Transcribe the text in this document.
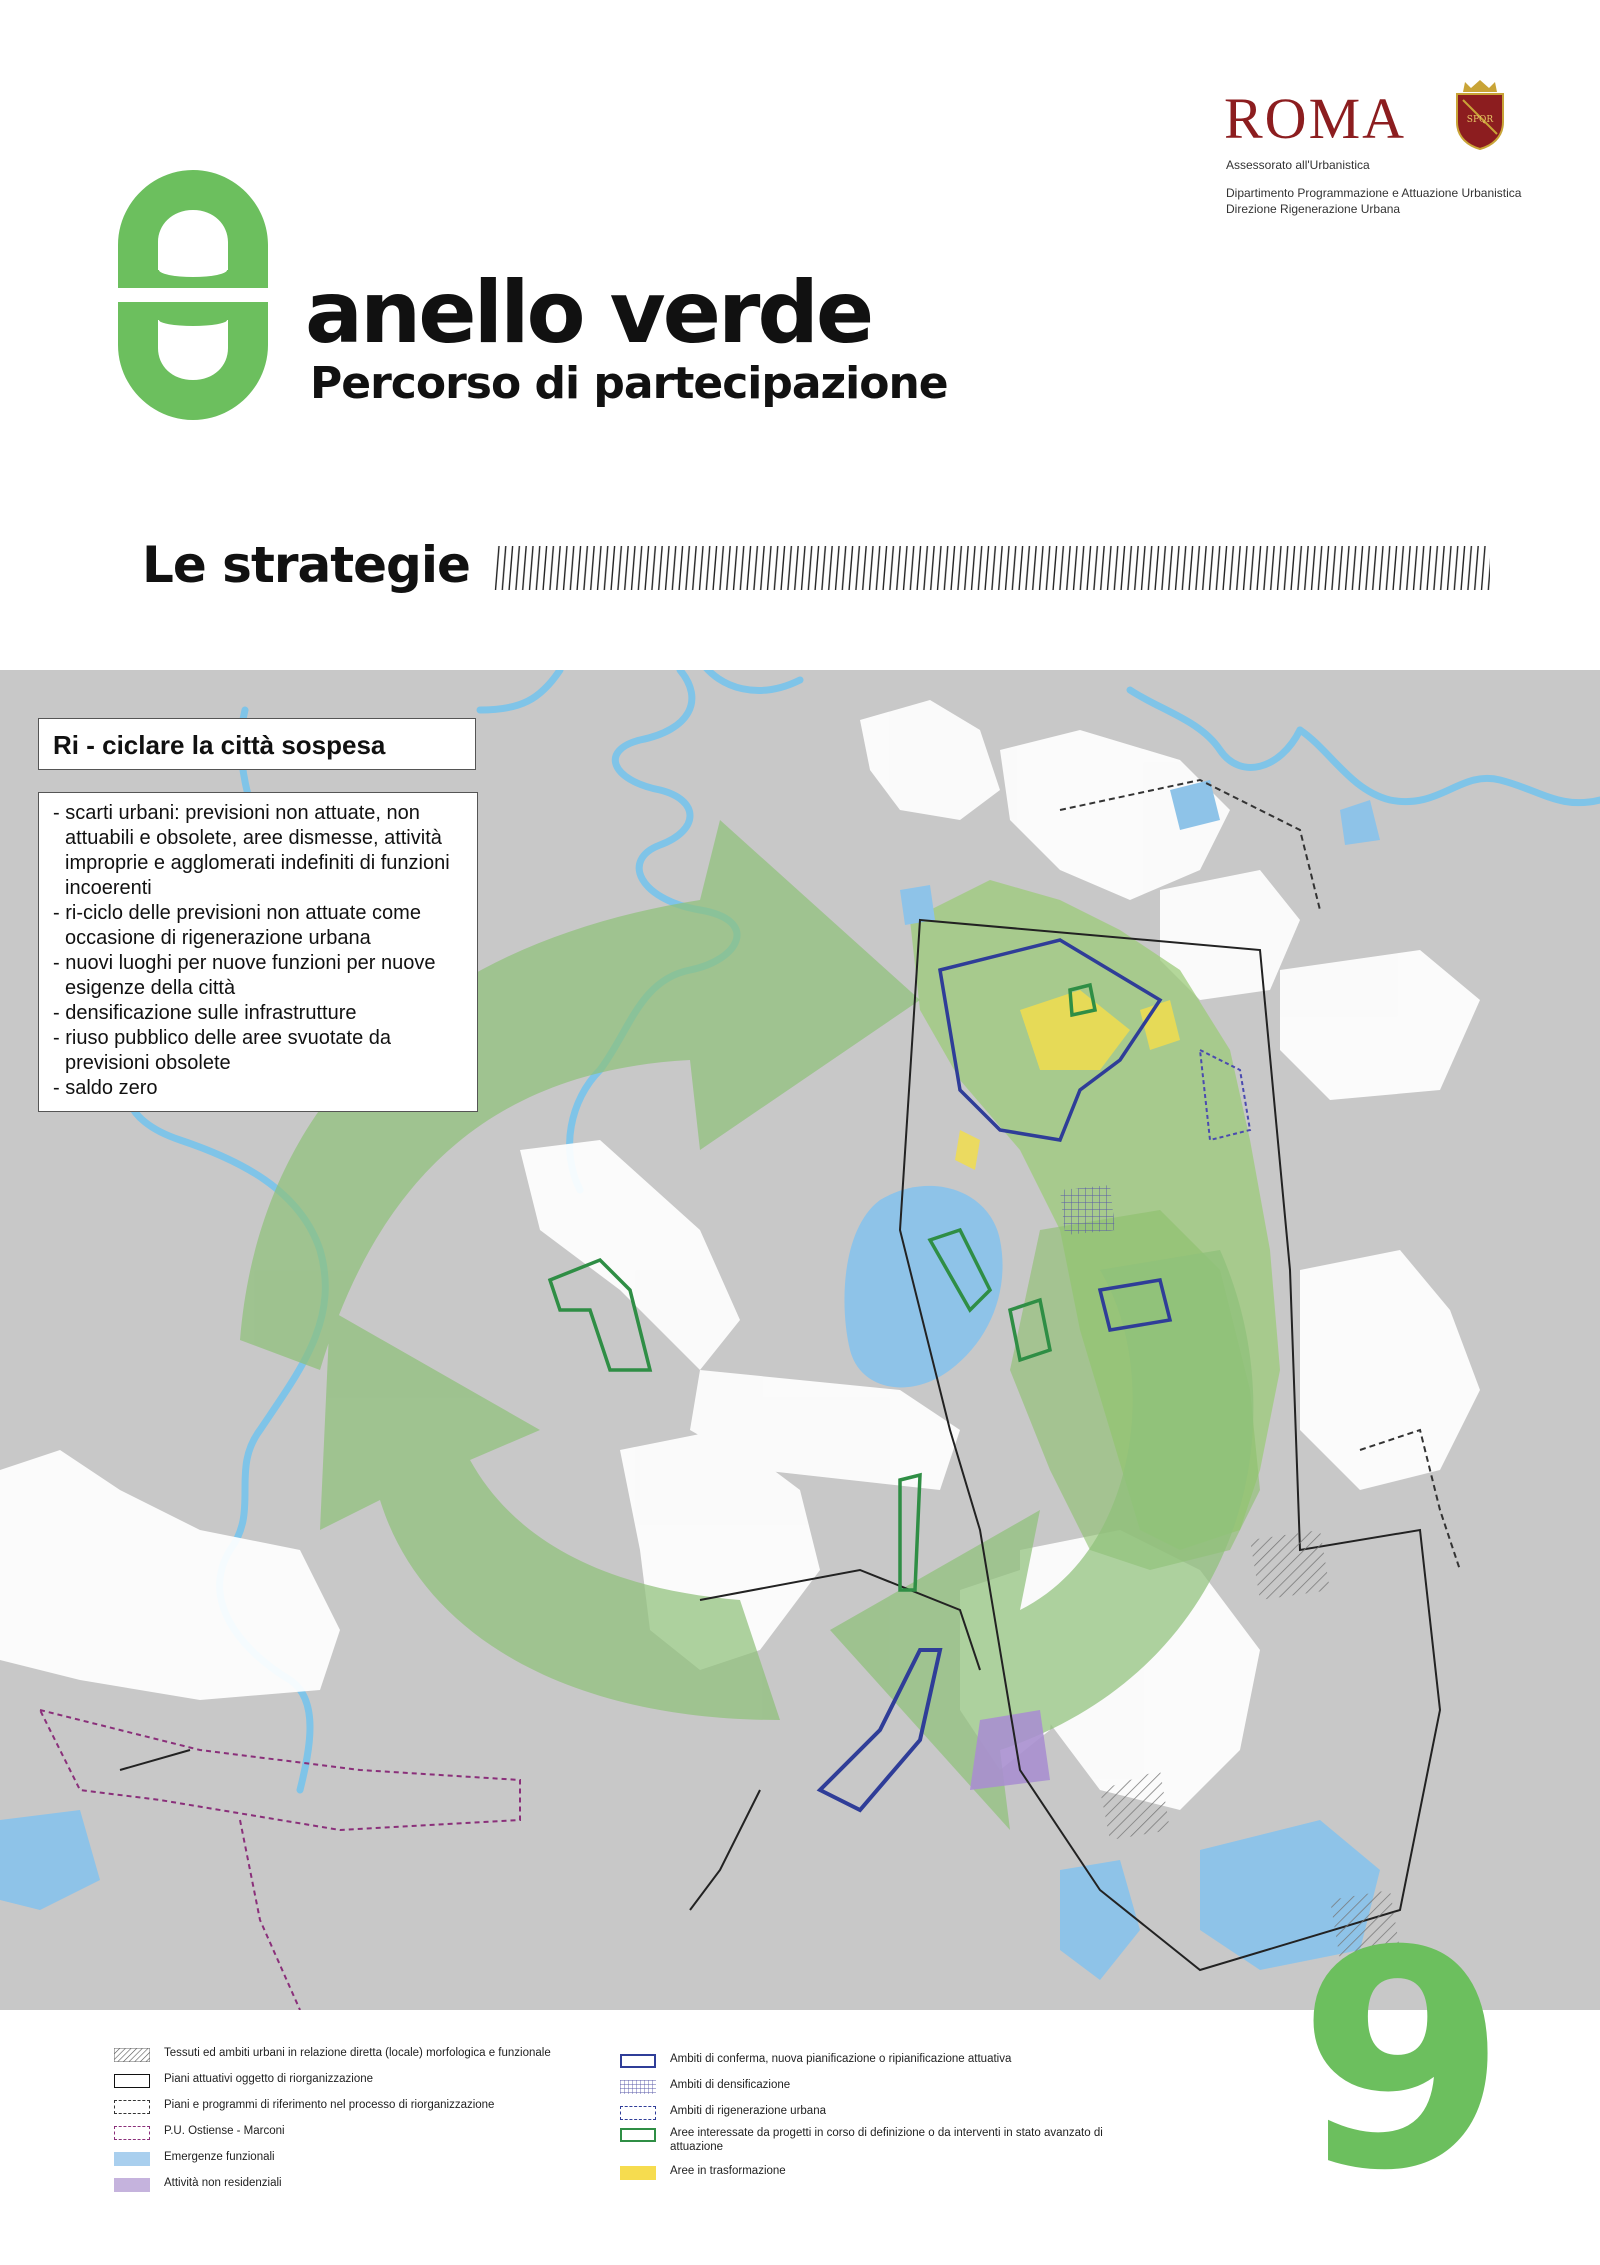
anello verde
Percorso di partecipazione
ROMA	SPQR
Assessorato all'Urbanistica
Dipartimento Programmazione e Attuazione Urbanistica
Direzione Rigenerazione Urbana
Le strategie
Ri - ciclare la città sospesa
- scarti urbani: previsioni non attuate, non attuabili e obsolete, aree dismesse, attività improprie e agglomerati indefiniti di funzioni incoerenti
- ri-ciclo delle previsioni non attuate come occasione di rigenerazione urbana
- nuovi luoghi per nuove funzioni per nuove esigenze della città
- densificazione sulle infrastrutture
- riuso pubblico delle aree svuotate da previsioni obsolete
- saldo zero
Tessuti ed ambiti urbani in relazione diretta (locale) morfologica e funzionale
Piani attuativi oggetto di riorganizzazione
Piani e programmi di riferimento nel processo di riorganizzazione
P.U. Ostiense - Marconi
Emergenze funzionali
Attività non residenziali
Ambiti di conferma, nuova pianificazione o ripianificazione attuativa
Ambiti di densificazione
Ambiti di rigenerazione urbana
Aree interessate da progetti in corso di definizione o da interventi in stato avanzato di attuazione
Aree in trasformazione 9
